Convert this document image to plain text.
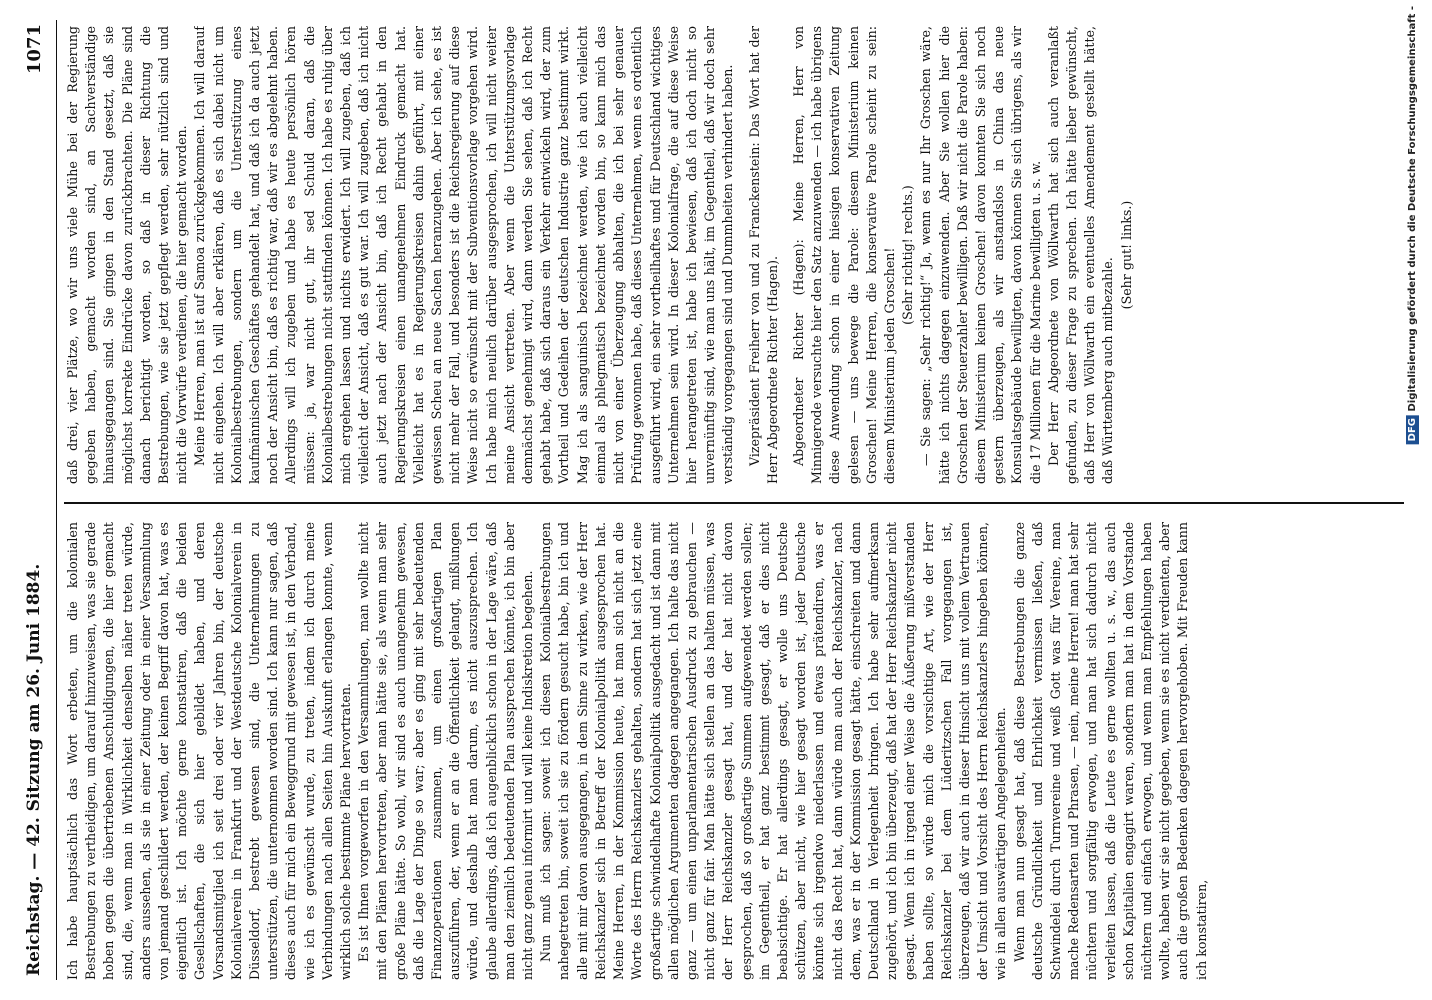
Reichstag. — 42. Sitzung am 26. Juni 1884.
1071

Ich habe hauptsächlich das Wort erbeten, um die kolonialen Bestrebungen zu vertheidigen, um darauf hinzuweisen, was sie gerade hoben gegen die übertriebenen Anschuldigungen, die hier gemacht sind, die, wenn man in Wirklichkeit denselben näher treten würde, anders aussehen, als sie in einer Zeitung oder in einer Versammlung von jemand geschildert werden, der keinen Begriff davon hat, was es eigentlich ist. Ich möchte gerne konstatiren, daß die beiden Gesellschaften, die sich hier gebildet haben, und deren Vorsandsmitglied ich seit drei oder vier Jahren bin, der deutsche Kolonialverein in Frankfurt und der Westdeutsche Kolonialverein in Düsseldorf, bestrebt gewesen sind, die Unternehmungen zu unterstützen, die unternommen worden sind. Ich kann nur sagen, daß dieses auch für mich ein Beweggrund mit gewesen ist, in den Verband, wie ich es gewünscht wurde, zu treten, indem ich durch meine Verbindungen nach allen Seiten hin Auskunft erlangen konnte, wenn wirklich solche bestimmte Pläne hervortraten. Es ist Ihnen vorgeworfen in den Versammlungen, man wollte nicht mit den Plänen hervortreten, aber man hätte sie, als wenn man sehr große Pläne hätte. So wohl, wir sind es auch unangenehm gewesen, daß die Lage der Dinge so war; aber es ging mit sehr bedeutenden Finanzoperationen zusammen, um einen großartigen Plan auszuführen, der, wenn er an die Öffentlichkeit gelangt, mißlungen würde, und deshalb hat man darum, es nicht auszusprechen. Ich glaube allerdings, daß ich augenblicklich schon in der Lage wäre, daß man den ziemlich bedeutenden Plan aussprechen könnte, ich bin aber nicht ganz genau informirt und will keine Indiskretion begehen. Nun muß ich sagen: soweit ich diesen Kolonialbestrebungen nahegetreten bin, soweit ich sie zu fördern gesucht habe, bin ich und alle mit mir davon ausgegangen, in dem Sinne zu wirken, wie der Herr Reichskanzler sich in Betreff der Kolonialpolitik ausgesprochen hat. Meine Herren, in der Kommission heute, hat man sich nicht an die Worte des Herrn Reichskanzlers gehalten, sondern hat sich jetzt eine großartige schwindelhafte Kolonialpolitik ausgedacht und ist dann mit allen möglichen Argumenten dagegen angegangen. Ich halte das nicht ganz — um einen unparlamentarischen Ausdruck zu gebrauchen — nicht ganz für fair. Man hätte sich stellen an das halten müssen, was der Herr Reichskanzler gesagt hat, und der hat nicht davon gesprochen, daß so großartige Summen aufgewendet werden sollen; im Gegentheil, er hat ganz bestimmt gesagt, daß er dies nicht beabsichtige. Er hat allerdings gesagt, er wolle uns Deutsche schützen, aber nicht, wie hier gesagt worden ist, jeder Deutsche könnte sich irgendwo niederlassen und etwas prätendiren, was er nicht das Recht hat, dann würde man auch der Reichskanzler, nach dem, was er in der Kommission gesagt hätte, einschreiten und dann Deutschland in Verlegenheit bringen. Ich habe sehr aufmerksam zugehört, und ich bin überzeugt, daß hat der Herr Reichskanzler nicht gesagt. Wenn ich in irgend einer Weise die Äußerung mißverstanden haben sollte, so würde mich die vorsichtige Art, wie der Herr Reichskanzler bei dem Lüderitzschen Fall vorgegangen ist, überzeugen, daß wir auch in dieser Hinsicht uns mit vollem Vertrauen der Umsicht und Vorsicht des Herrn Reichskanzlers hingeben können, wie in allen auswärtigen Angelegenheiten. Wenn man nun gesagt hat, daß diese Bestrebungen die ganze deutsche Gründlichkeit und Ehrlichkeit vermissen ließen, daß Schwindelei durch Turnvereine und weiß Gott was für Vereine, man mache Redensarten und Phrasen, — nein, meine Herren! man hat sehr nüchtern und sorgfältig erwogen, und man hat sich dadurch nicht verleiten lassen, daß die Leute es gerne wollten u. s. w., das auch schon Kapitalien engagirt waren, sondern man hat in dem Vorstande nüchtern und einfach erwogen, und wenn man Empfehlungen haben wollte, haben wir sie nicht gegeben, wenn sie es nicht verdienten, aber auch die großen Bedenken dagegen hervorgehoben. Mit Freuden kann ich konstatiren,

daß drei, vier Plätze, wo wir uns viele Mühe bei der Regierung gegeben haben, gemacht worden sind, an Sachverständige hinausgegangen sind. Sie gingen in den Stand gesetzt, daß sie möglichst korrekte Eindrücke davon zurückbrachten. Die Pläne sind danach berichtigt worden, so daß in dieser Richtung die Bestrebungen, wie sie jetzt gepflegt werden, sehr nützlich sind und nicht die Vorwürfe verdienen, die hier gemacht worden. Meine Herren, man ist auf Samoa zurückgekommen. Ich will darauf nicht eingehen. Ich will aber erklären, daß es sich dabei nicht um Kolonialbestrebungen, sondern um die Unterstützung eines kaufmännischen Geschäftes gehandelt hat, und daß ich da auch jetzt noch der Ansicht bin, daß es richtig war, daß wir es abgelehnt haben. Allerdings will ich zugeben und habe es heute persönlich hören müssen: ja, war nicht gut, ihr sed Schuld daran, daß die Kolonialbestrebungen nicht stattfinden können. Ich habe es ruhig über mich ergehen lassen und nichts erwidert. Ich will zugeben, daß ich vielleicht der Ansicht, daß es gut war. Ich will zugeben, daß ich nicht auch jetzt nach der Ansicht bin, daß ich Recht gehabt in den Regierungskreisen einen unangenehmen Eindruck gemacht hat. Vielleicht hat es in Regierungskreisen dahin geführt, mit einer gewissen Scheu an neue Sachen heranzugehen. Aber ich sehe, es ist nicht mehr der Fall, und besonders ist die Reichsregierung auf diese Weise nicht so erwünscht mit der Subventionsvorlage vorgehen wird. Ich habe mich neulich darüber ausgesprochen, ich will nicht weiter meine Ansicht vertreten. Aber wenn die Unterstützungsvorlage demnächst genehmigt wird, dann werden Sie sehen, daß ich Recht gehabt habe, daß sich daraus ein Verkehr entwickeln wird, der zum Vortheil und Gedeihen der deutschen Industrie ganz bestimmt wirkt. Mag ich als sanguinisch bezeichnet werden, wie ich auch vielleicht einmal als phlegmatisch bezeichnet worden bin, so kann mich das nicht von einer Überzeugung abhalten, die ich bei sehr genauer Prüfung gewonnen habe, daß dieses Unternehmen, wenn es ordentlich ausgeführt wird, ein sehr vortheilhaftes und für Deutschland wichtiges Unternehmen sein wird. In dieser Kolonialfrage, die auf diese Weise hier herangetreten ist, habe ich bewiesen, daß ich doch nicht so unvernünftig sind, wie man uns hält, im Gegentheil, daß wir doch sehr verständig vorgegangen sind und Dummheiten verhindert haben. Vizepräsident Freiherr von und zu Franckenstein: Das Wort hat der Herr Abgeordnete Richter (Hagen). Abgeordneter Richter (Hagen): Meine Herren, Herr von Minnigerode versuchte hier den Satz anzuwenden — ich habe übrigens diese Anwendung schon in einer hiesigen konservativen Zeitung gelesen — uns bewege die Parole: diesem Ministerium keinen Groschen! Meine Herren, die konservative Parole scheint zu sein: diesem Ministerium jeden Groschen! (Sehr richtig! rechts.) — Sie sagen: „Sehr richtig!“ Ja, wenn es nur Ihr Groschen wäre, hätte ich nichts dagegen einzuwenden. Aber Sie wollen hier die Groschen der Steuerzahler bewilligen. Daß wir nicht die Parole haben: diesem Ministerium keinen Groschen! davon konnten Sie sich noch gestern überzeugen, als wir anstandslos in China das neue Konsulatsgebäude bewilligten, davon können Sie sich übrigens, als wir die 17 Millionen für die Marine bewilligten u. s. w. Der Herr Abgeordnete von Wöllwarth hat sich auch veranlaßt gefunden, zu dieser Frage zu sprechen. Ich hätte lieber gewünscht, daß Herr von Wöllwarth ein eventuelles Amendement gestellt hätte, daß Württemberg auch mitbezahle.

(Sehr gut! links.)

DFG Digitalisierung gefördert durch die Deutsche Forschungsgemeinschaft -
